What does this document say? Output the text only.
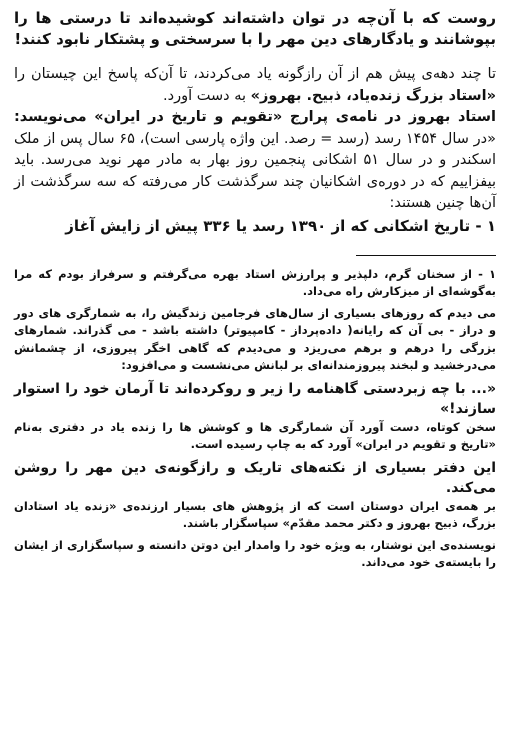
روست که با آن‌چه در توان داشته‌اند کوشیده‌اند تا درستی ها را بپوشانند و یادگارهای دین مهر را با سرسختی و پشتکار نابود کنند!

تا چند دهه‌ی پیش هم از آن رازگونه یاد می‌کردند، تا آن‌که پاسخ این چیستان را «استاد بزرگ زنده‌یاد، ذبیح. بهروز» به دست آورد.

استاد بهروز در نامه‌ی پرارج «تقویم و تاریخ در ایران» می‌نویسد: «در سال ۱۴۵۴ رسد (رسد = رصد. این واژه پارسی است)، ۶۵ سال پس از ملک اسکندر و در سال ۵۱ اشکانی پنجمین روز بهار به مادر مهر نوید می‌رسد. باید بیفزاییم که در دوره‌ی اشکانیان چند سرگذشت کار می‌رفته که سه سرگذشت از آن‌ها چنین هستند:

۱ - تاریخ اشکانی که از ۱۳۹۰ رسد یا ۳۳۶ پیش از زایش آغاز

۱ - از سخنان گرم، دلپذیر و پرارزش استاد بهره می‌گرفتم و سرفراز بودم که مرا به‌گوشه‌ای از میزکارش راه می‌داد.

می دیدم که روزهای بسیاری از سال‌های فرجامین زندگیش را، به شمارگری های دور و دراز - بی آن که رایانه( داده‌پرداز - کامپیوتر) داشته باشد - می گذراند. شمارهای بزرگی را درهم و برهم می‌ریزد و می‌دیدم که گاهی اخگر پیروزی، از چشمانش می‌درخشید و لبخند پیروزمندانه‌ای بر لبانش می‌نشست و می‌افزود:

«... با چه زبردستی گاهنامه را زیر و روکرده‌اند تا آرمان خود را استوار سازند!»

سخن کوتاه، دست آورد آن شمارگری ها و کوشش ها را زنده یاد در دفتری به‌نام «تاریخ و تقویم در ایران» آورد که به چاپ رسیده است.

این دفتر بسیاری از نکته‌های تاریک و رازگونه‌ی دین مهر را روشن می‌کند.

بر همه‌ی ایران دوستان است که از پژوهش های بسیار ارزنده‌ی «زنده یاد استادان بزرگ، ذبیح بهروز و دکتر محمد مقدّم» سپاسگزار باشند.

نویسنده‌ی این نوشتار، به ویژه خود را وامدار این دوتن دانسته و سپاسگزاری از ایشان را بایسته‌ی خود می‌داند.
